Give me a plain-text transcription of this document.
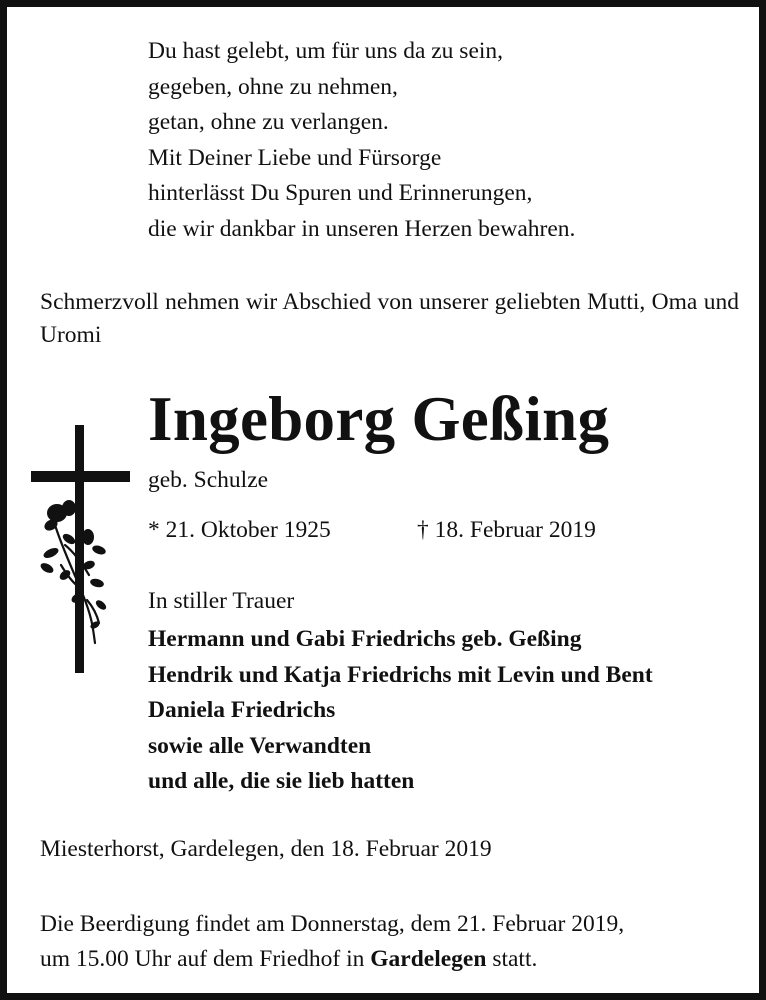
Du hast gelebt, um für uns da zu sein,
gegeben, ohne zu nehmen,
getan, ohne zu verlangen.
Mit Deiner Liebe und Fürsorge
hinterlässt Du Spuren und Erinnerungen,
die wir dankbar in unseren Herzen bewahren.
Schmerzvoll nehmen wir Abschied von unserer geliebten Mutti, Oma und Uromi
Ingeborg Geßing
geb. Schulze
* 21. Oktober 1925	† 18. Februar 2019
In stiller Trauer
Hermann und Gabi Friedrichs geb. Geßing
Hendrik und Katja Friedrichs mit Levin und Bent
Daniela Friedrichs
sowie alle Verwandten
und alle, die sie lieb hatten
Miesterhorst, Gardelegen, den 18. Februar 2019
Die Beerdigung findet am Donnerstag, dem 21. Februar 2019,
um 15.00 Uhr auf dem Friedhof in Gardelegen statt.
